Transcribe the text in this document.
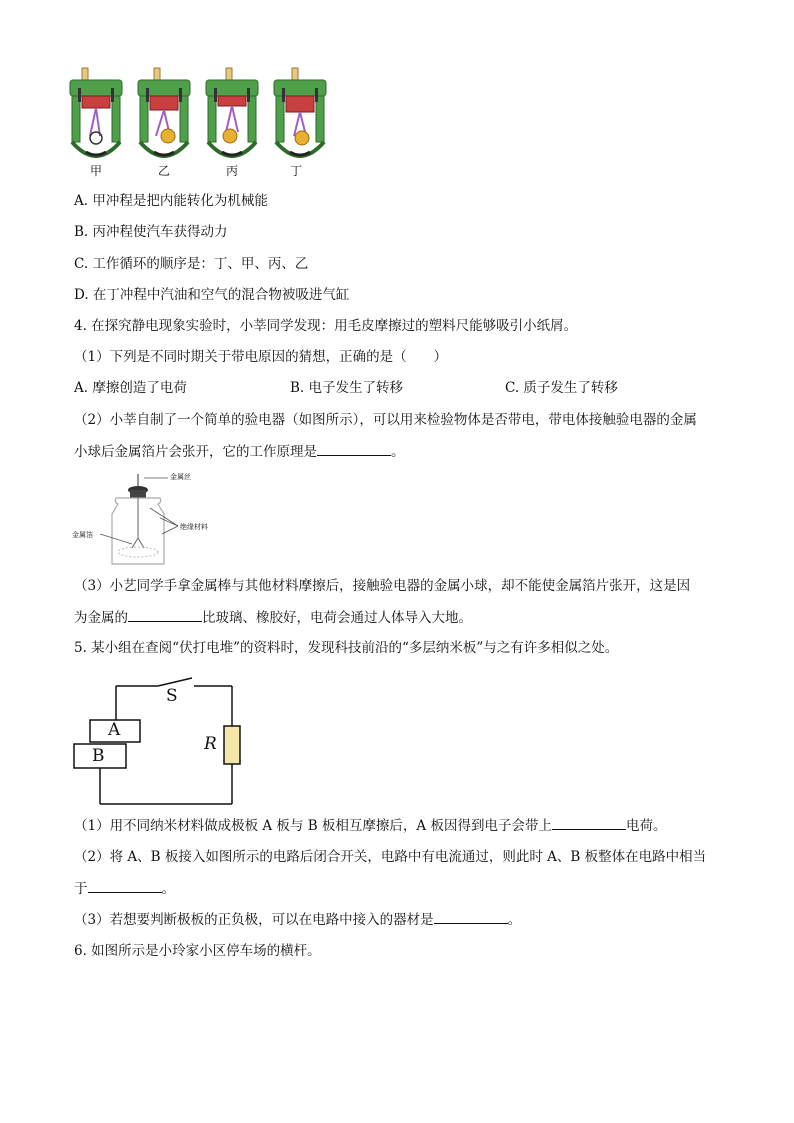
甲	乙	丙	丁
A. 甲冲程是把内能转化为机械能
B. 丙冲程使汽车获得动力
C. 工作循环的顺序是：丁、甲、丙、乙
D. 在丁冲程中汽油和空气的混合物被吸进气缸
4. 在探究静电现象实验时，小莘同学发现：用毛皮摩擦过的塑料尺能够吸引小纸屑。
（1）下列是不同时期关于带电原因的猜想，正确的是（　　）
A. 摩擦创造了电荷	B. 电子发生了转移	C. 质子发生了转移
（2）小莘自制了一个简单的验电器（如图所示），可以用来检验物体是否带电，带电体接触验电器的金属
小球后金属箔片会张开，它的工作原理是	。
金属丝
金属箔
绝缘材料
（3）小艺同学手拿金属棒与其他材料摩擦后，接触验电器的金属小球，却不能使金属箔片张开，这是因
为金属的	比玻璃、橡胶好，电荷会通过人体导入大地。
5. 某小组在查阅“伏打电堆”的资料时，发现科技前沿的“多层纳米板”与之有许多相似之处。
S
A
B
R
（1）用不同纳米材料做成极板 A 板与 B 板相互摩擦后，A 板因得到电子会带上	电荷。
（2）将 A、B 板接入如图所示的电路后闭合开关，电路中有电流通过，则此时 A、B 板整体在电路中相当
于	。
（3）若想要判断极板的正负极，可以在电路中接入的器材是	。
6. 如图所示是小玲家小区停车场的横杆。
